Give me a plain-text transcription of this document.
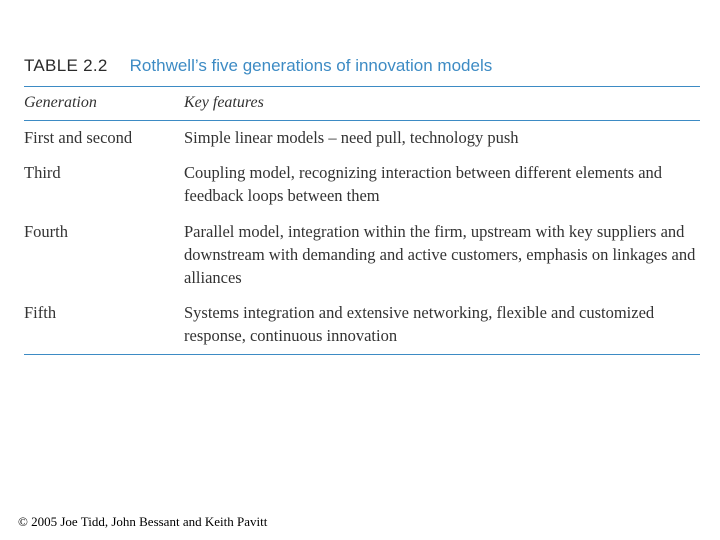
TABLE 2.2 Rothwell’s five generations of innovation models
Generation	Key features
First and second	Simple linear models – need pull, technology push
Third	Coupling model, recognizing interaction between different elements and feedback loops between them
Fourth	Parallel model, integration within the firm, upstream with key suppliers and downstream with demanding and active customers, emphasis on linkages and alliances
Fifth	Systems integration and extensive networking, flexible and customized response, continuous innovation
© 2005 Joe Tidd, John Bessant and Keith Pavitt
